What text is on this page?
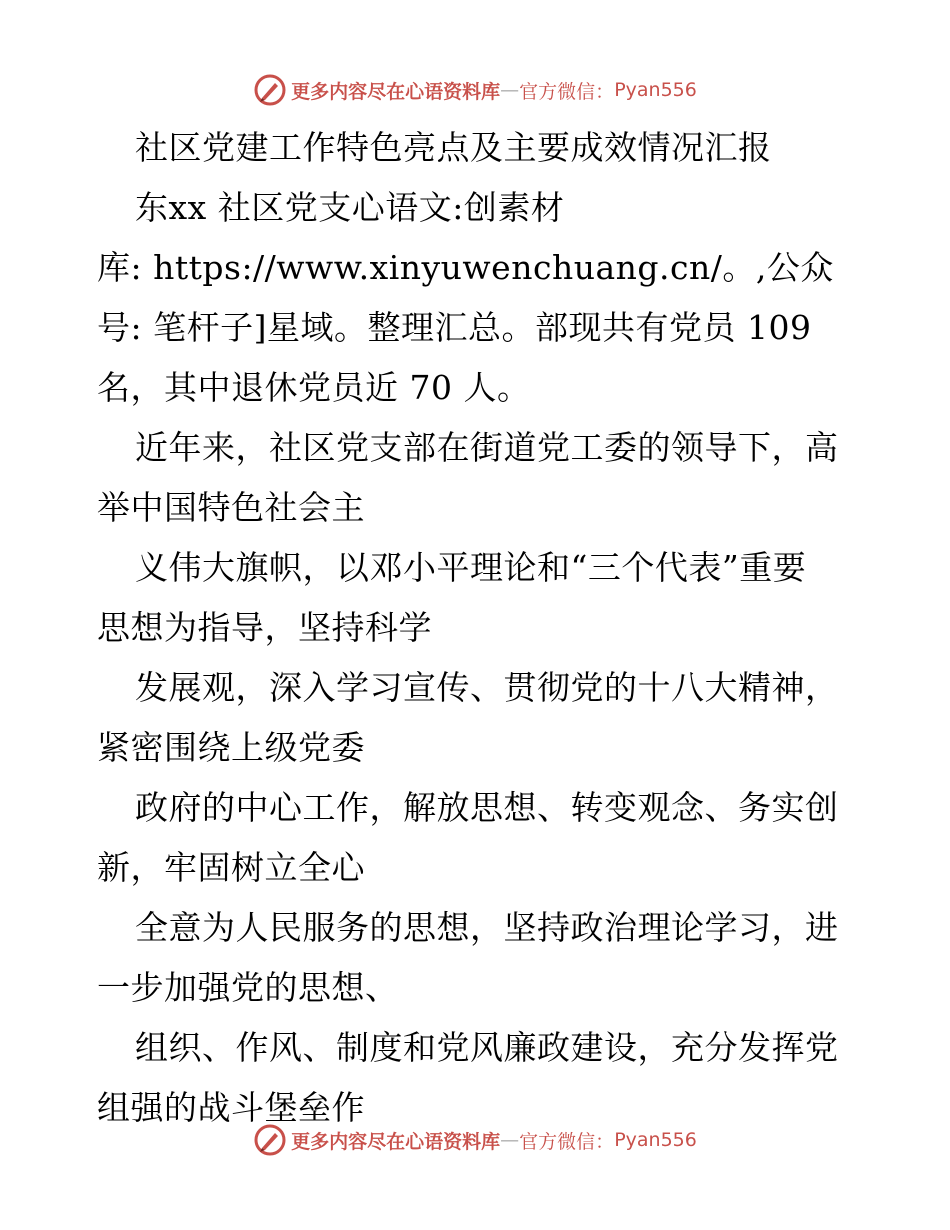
更多内容尽在心语资料库 — 官方微信： Pyan556
社区党建工作特色亮点及主要成效情况汇报
东xx 社区党支心语文:创素材
库: https://www.xinyuwenchuang.cn/。,公众
号: 笔杆子]星域。整理汇总。部现共有党员 109
名，其中退休党员近 70 人。
近年来，社区党支部在街道党工委的领导下，高
举中国特色社会主
义伟大旗帜，以邓小平理论和“三个代表”重要
思想为指导，坚持科学
发展观，深入学习宣传、贯彻党的十八大精神，
紧密围绕上级党委
政府的中心工作，解放思想、转变观念、务实创
新，牢固树立全心
全意为人民服务的思想，坚持政治理论学习，进
一步加强党的思想、
组织、作风、制度和党风廉政建设，充分发挥党
组强的战斗堡垒作
更多内容尽在心语资料库 — 官方微信： Pyan556
